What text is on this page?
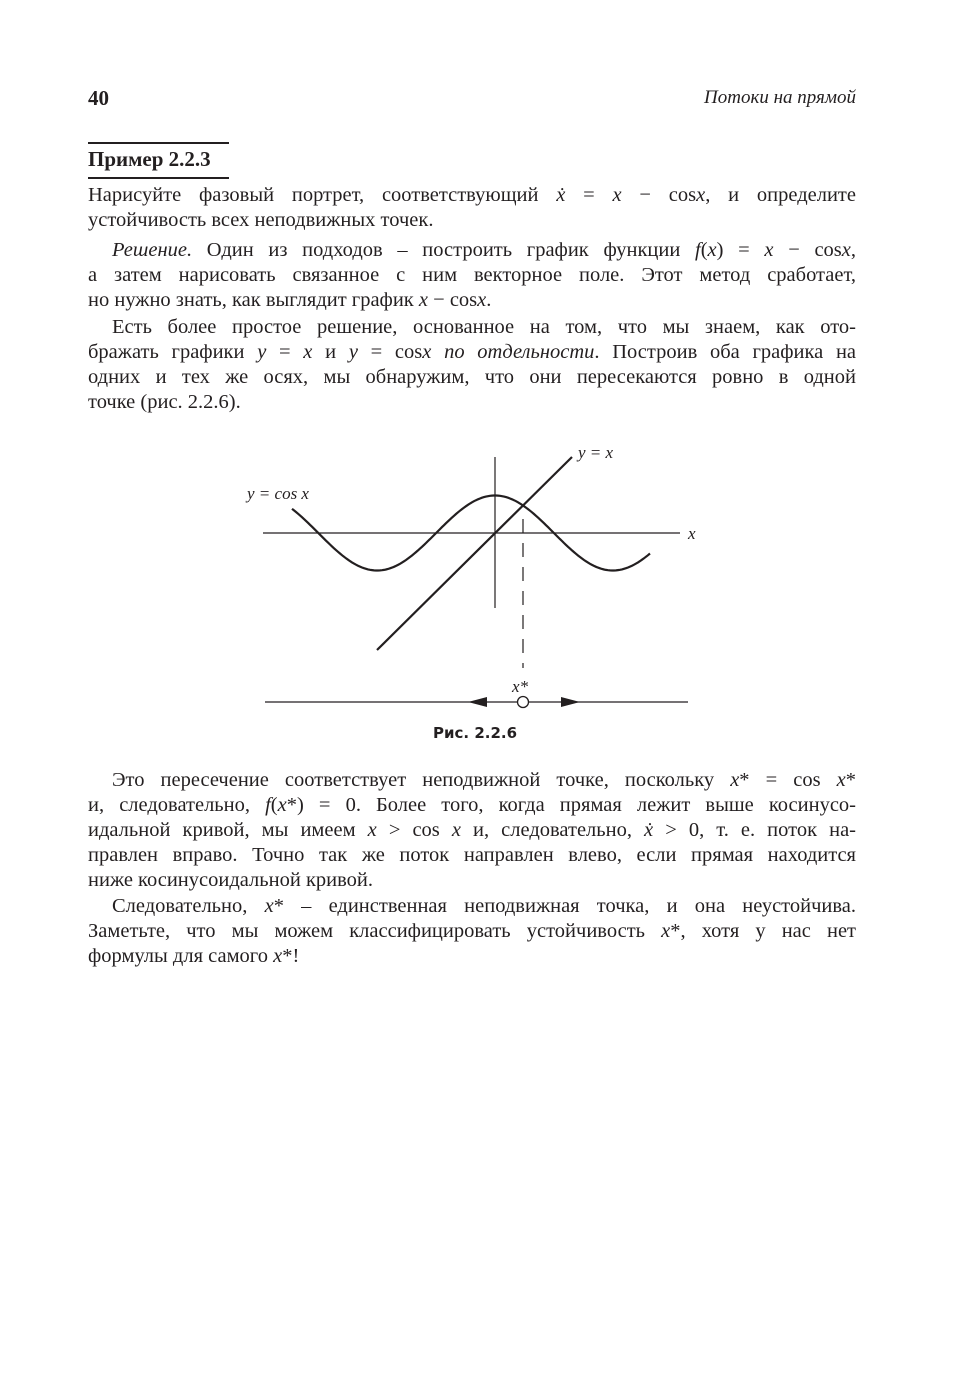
40	Потоки на прямой
Пример 2.2.3
Нарисуйте фазовый портрет, соответствующий ẋ = x − cosx, и определите
устойчивость всех неподвижных точек.
Решение. Один из подходов – построить график функции f(x) = x − cosx,
а затем нарисовать связанное с ним векторное поле. Этот метод сработает,
но нужно знать, как выглядит график x − cosx.
Есть более простое решение, основанное на том, что мы знаем, как ото-
бражать графики y = x и y = cosx по отдельности. Построив оба графика на
одних и тех же осях, мы обнаружим, что они пересекаются ровно в одной
точке (рис. 2.2.6).
y = cos x
y = x
x
x*
Рис. 2.2.6
Это пересечение соответствует неподвижной точке, поскольку x* = cos x*
и, следовательно, f(x*) = 0. Более того, когда прямая лежит выше косинусо-
идальной кривой, мы имеем x > cos x и, следовательно, ẋ > 0, т. е. поток на-
правлен вправо. Точно так же поток направлен влево, если прямая находится
ниже косинусоидальной кривой.
Следовательно, x* – единственная неподвижная точка, и она неустойчива.
Заметьте, что мы можем классифицировать устойчивость x*, хотя у нас нет
формулы для самого x*!
